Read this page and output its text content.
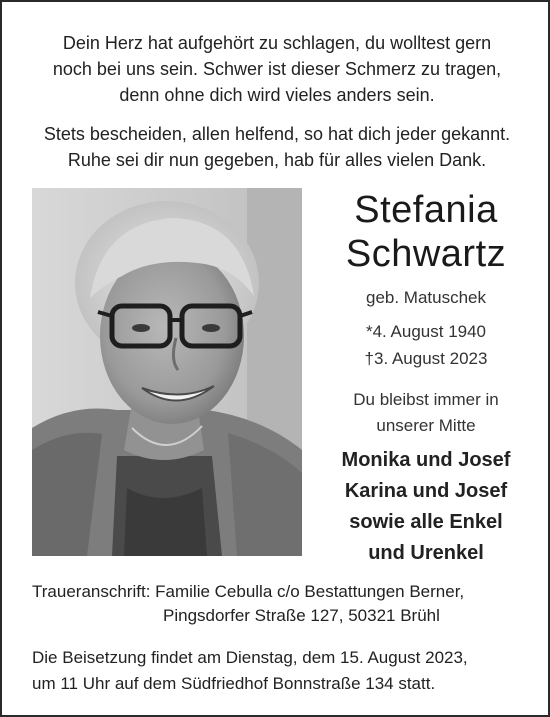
Dein Herz hat aufgehört zu schlagen, du wolltest gern
noch bei uns sein. Schwer ist dieser Schmerz zu tragen,
denn ohne dich wird vieles anders sein.
Stets bescheiden, allen helfend, so hat dich jeder gekannt.
Ruhe sei dir nun gegeben, hab für alles vielen Dank.
Stefania
Schwartz
geb. Matuschek
*4. August 1940
†3. August 2023
Du bleibst immer in
unserer Mitte
Monika und Josef
Karina und Josef
sowie alle Enkel
und Urenkel
Traueranschrift: Familie Cebulla c/o Bestattungen Berner,
Pingsdorfer Straße 127, 50321 Brühl
Die Beisetzung findet am Dienstag, dem 15. August 2023,
um 11 Uhr auf dem Südfriedhof Bonnstraße 134 statt.
